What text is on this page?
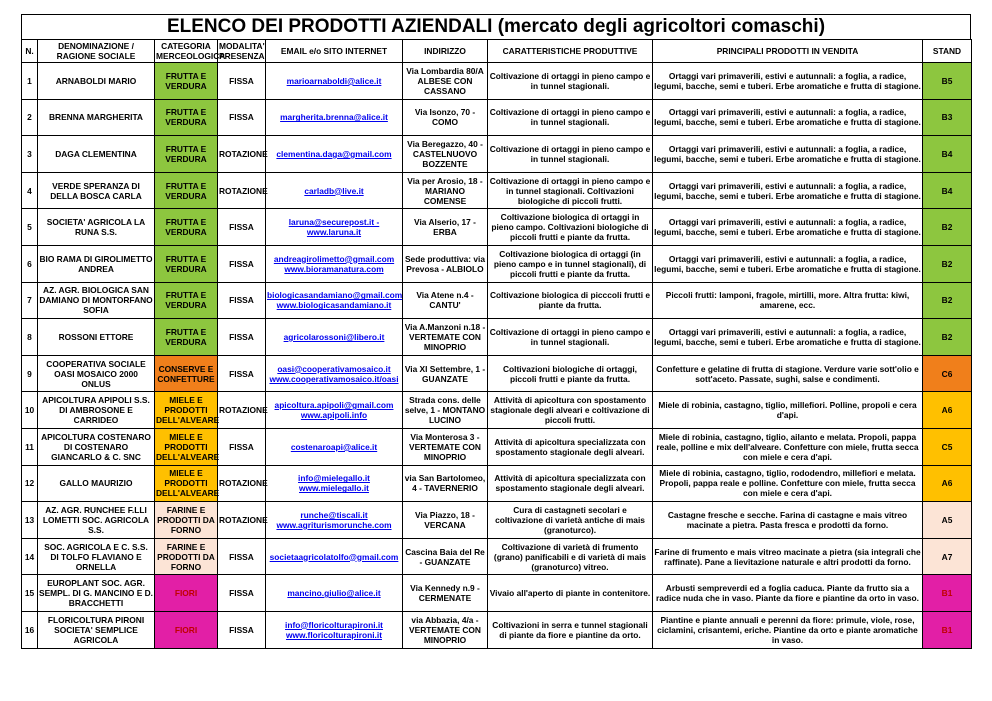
ELENCO DEI PRODOTTI AZIENDALI (mercato degli agricoltori comaschi)
N.	DENOMINAZIONE / RAGIONE SOCIALE	CATEGORIA MERCEOLOGICA	MODALITA' PRESENZA	EMAIL e/o SITO INTERNET	INDIRIZZO	CARATTERISTICHE PRODUTTIVE	PRINCIPALI PRODOTTI IN VENDITA	STAND
1	ARNABOLDI MARIO	FRUTTA E VERDURA	FISSA	marioarnaboldi@alice.it	Via Lombardia 80/A ALBESE CON CASSANO	Coltivazione di ortaggi in pieno campo e in tunnel stagionali.	Ortaggi vari primaverili, estivi e autunnali: a foglia, a radice, legumi, bacche, semi e tuberi. Erbe aromatiche e frutta di stagione.	B5
2	BRENNA MARGHERITA	FRUTTA E VERDURA	FISSA	margherita.brenna@alice.it	Via Isonzo, 70 - COMO	Coltivazione di ortaggi in pieno campo e in tunnel stagionali.	Ortaggi vari primaverili, estivi e autunnali: a foglia, a radice, legumi, bacche, semi e tuberi. Erbe aromatiche e frutta di stagione.	B3
3	DAGA CLEMENTINA	FRUTTA E VERDURA	ROTAZIONE	clementina.daga@gmail.com	Via Beregazzo, 40 - CASTELNUOVO BOZZENTE	Coltivazione di ortaggi in pieno campo e in tunnel stagionali.	Ortaggi vari primaverili, estivi e autunnali: a foglia, a radice, legumi, bacche, semi e tuberi. Erbe aromatiche e frutta di stagione.	B4
4	VERDE SPERANZA DI DELLA BOSCA CARLA	FRUTTA E VERDURA	ROTAZIONE	carladb@live.it	Via per Arosio, 18 - MARIANO COMENSE	Coltivazione di ortaggi in pieno campo e in tunnel stagionali. Coltivazioni biologiche di piccoli frutti.	Ortaggi vari primaverili, estivi e autunnali: a foglia, a radice, legumi, bacche, semi e tuberi. Erbe aromatiche e frutta di stagione.	B4
5	SOCIETA' AGRICOLA LA RUNA S.S.	FRUTTA E VERDURA	FISSA	laruna@securepost.it - www.laruna.it	Via Alserio, 17 - ERBA	Coltivazione biologica di ortaggi in pieno campo. Coltivazioni biologiche di piccoli frutti e piante da frutta.	Ortaggi vari primaverili, estivi e autunnali: a foglia, a radice, legumi, bacche, semi e tuberi. Erbe aromatiche e frutta di stagione.	B2
6	BIO RAMA DI GIROLIMETTO ANDREA	FRUTTA E VERDURA	FISSA	andreagirolimetto@gmail.com www.bioramanatura.com	Sede produttiva: via Prevosa - ALBIOLO	Coltivazione biologica di ortaggi (in pieno campo e in tunnel stagionali), di piccoli frutti e piante da frutta.	Ortaggi vari primaverili, estivi e autunnali: a foglia, a radice, legumi, bacche, semi e tuberi. Erbe aromatiche e frutta di stagione.	B2
7	AZ. AGR. BIOLOGICA SAN DAMIANO DI MONTORFANO SOFIA	FRUTTA E VERDURA	FISSA	biologicasandamiano@gmail.com www.biologicasandamiano.it	Via Atene n.4 - CANTU'	Coltivazione biologica di picccoli frutti e piante da frutta.	Piccoli frutti: lamponi, fragole, mirtilli, more. Altra frutta: kiwi, amarene, ecc.	B2
8	ROSSONI ETTORE	FRUTTA E VERDURA	FISSA	agricolarossoni@libero.it	Via A.Manzoni n.18 - VERTEMATE CON MINOPRIO	Coltivazione di ortaggi in pieno campo e in tunnel stagionali.	Ortaggi vari primaverili, estivi e autunnali: a foglia, a radice, legumi, bacche, semi e tuberi. Erbe aromatiche e frutta di stagione.	B2
9	COOPERATIVA SOCIALE OASI MOSAICO 2000 ONLUS	CONSERVE E CONFETTURE	FISSA	oasi@cooperativamosaico.it www.cooperativamosaico.it/oasi	Via XI Settembre, 1 - GUANZATE	Coltivazioni biologiche di ortaggi, piccoli frutti e piante da frutta.	Confetture e gelatine di frutta di stagione. Verdure varie sott'olio e sott'aceto. Passate, sughi, salse e condimenti.	C6
10	APICOLTURA APIPOLI S.S. DI AMBROSONE E CARRIDEO	MIELE E PRODOTTI DELL'ALVEARE	ROTAZIONE	apicoltura.apipoli@gmail.com www.apipoli.info	Strada cons. delle selve, 1 - MONTANO LUCINO	Attività di apicoltura con spostamento stagionale degli alveari e coltivazione di piccoli frutti.	Miele di robinia, castagno, tiglio, millefiori. Polline, propoli e cera d'api.	A6
11	APICOLTURA COSTENARO DI COSTENARO GIANCARLO & C. SNC	MIELE E PRODOTTI DELL'ALVEARE	FISSA	costenaroapi@alice.it	Via Monterosa 3 - VERTEMATE CON MINOPRIO	Attività di apicoltura specializzata con spostamento stagionale degli alveari.	Miele di robinia, castagno, tiglio, ailanto e melata. Propoli, pappa reale, polline e mix dell'alveare. Confetture con miele, frutta secca con miele e cera d'api.	C5
12	GALLO MAURIZIO	MIELE E PRODOTTI DELL'ALVEARE	ROTAZIONE	info@mielegallo.it www.mielegallo.it	via San Bartolomeo, 4 - TAVERNERIO	Attività di apicoltura specializzata con spostamento stagionale degli alveari.	Miele di robinia, castagno, tiglio, rododendro, millefiori e melata. Propoli, pappa reale e polline. Confetture con miele, frutta secca con miele e cera d'api.	A6
13	AZ. AGR. RUNCHEE F.LLI LOMETTI SOC. AGRICOLA S.S.	FARINE E PRODOTTI DA FORNO	ROTAZIONE	runche@tiscali.it www.agriturismorunche.com	Via Piazzo, 18 - VERCANA	Cura di castagneti secolari e coltivazione di varietà antiche di mais (granoturco).	Castagne fresche e secche. Farina di castagne e mais vitreo macinate a pietra. Pasta fresca e prodotti da forno.	A5
14	SOC. AGRICOLA E C. S.S. DI TOLFO FLAVIANO E ORNELLA	FARINE E PRODOTTI DA FORNO	FISSA	societaagricolatolfo@gmail.com	Cascina Baia del Re - GUANZATE	Coltivazione di varietà di frumento (grano) panificabili e di varietà di mais (granoturco) vitreo.	Farine di frumento e mais vitreo macinate a pietra (sia integrali che raffinate). Pane a lievitazione naturale e altri prodotti da forno.	A7
15	EUROPLANT SOC. AGR. SEMPL. DI G. MANCINO E D. BRACCHETTI	FIORI	FISSA	mancino.giulio@alice.it	Via Kennedy n.9 - CERMENATE	Vivaio all'aperto di piante in contenitore.	Arbusti sempreverdi ed a foglia caduca. Piante da frutto sia a radice nuda che in vaso. Piante da fiore e piantine da orto in vaso.	B1
16	FLORICOLTURA PIRONI SOCIETA' SEMPLICE AGRICOLA	FIORI	FISSA	info@floricolturapironi.it www.floricolturapironi.it	via Abbazia, 4/a - VERTEMATE CON MINOPRIO	Coltivazioni in serra e tunnel stagionali di piante da fiore e piantine da orto.	Piantine e piante annuali e perenni da fiore: primule, viole, rose, ciclamini, crisantemi, eriche. Piantine da orto e piante aromatiche in vaso.	B1
